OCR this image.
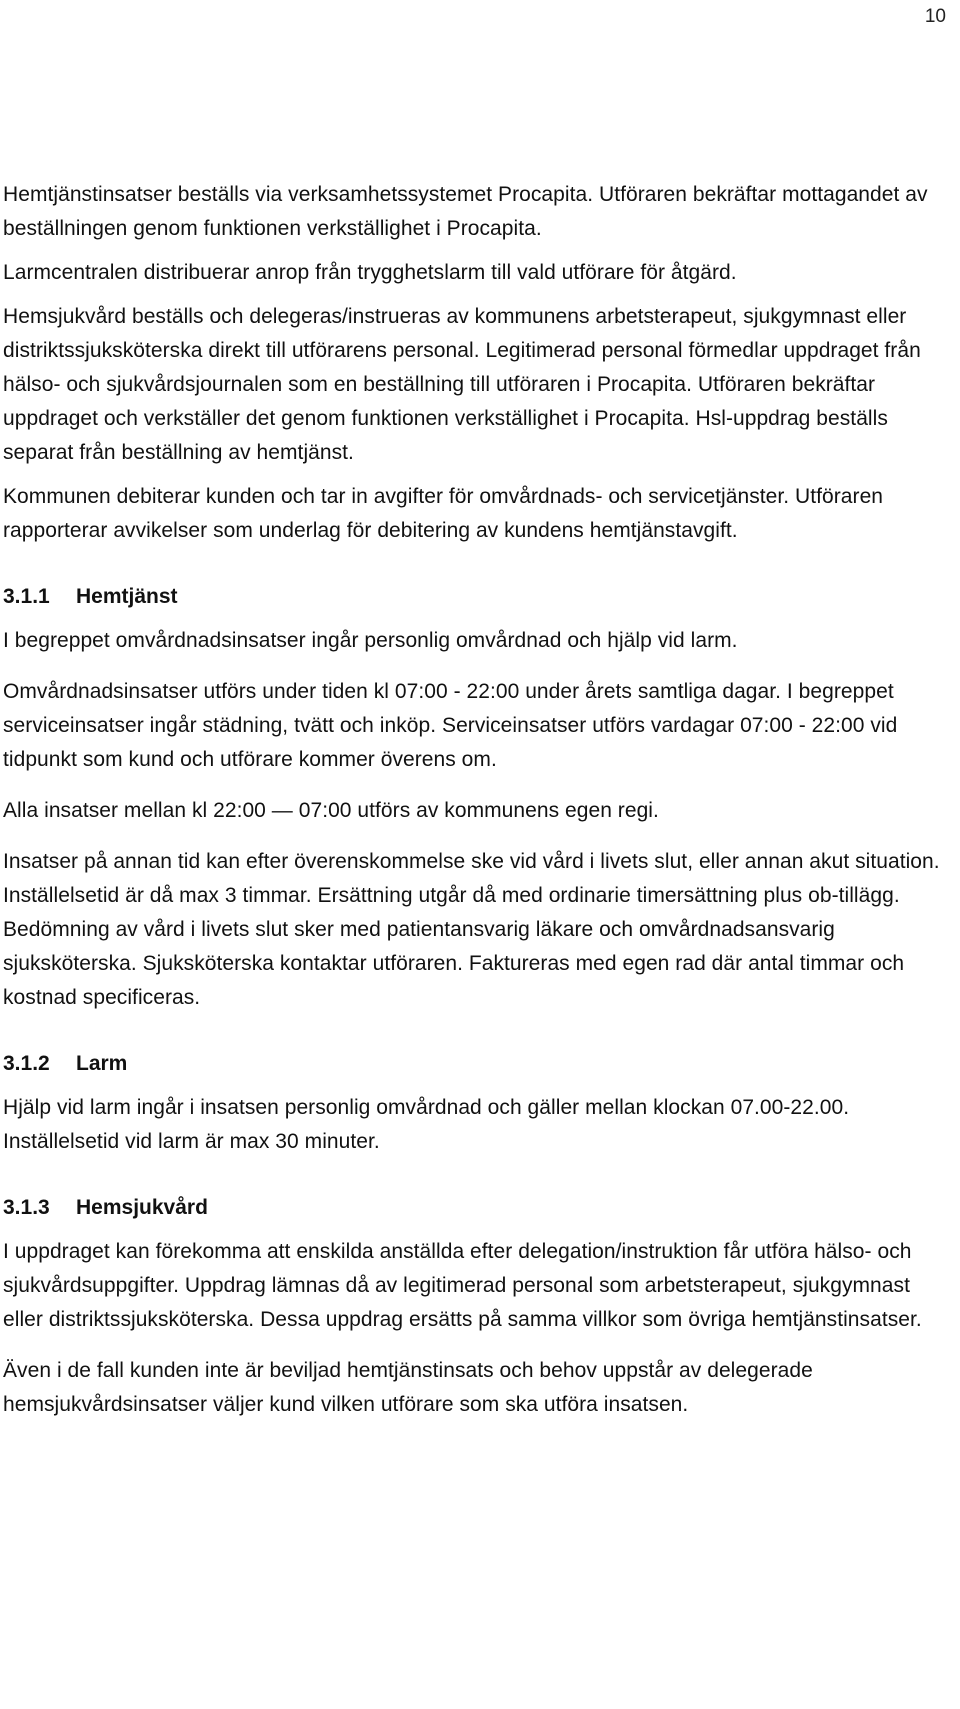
10

Hemtjänstinsatser beställs via verksamhetssystemet Procapita. Utföraren bekräftar mottagandet av beställningen genom funktionen verkställighet i Procapita.

Larmcentralen distribuerar anrop från trygghetslarm till vald utförare för åtgärd.

Hemsjukvård beställs och delegeras/instrueras av kommunens arbetsterapeut, sjukgymnast eller distriktssjuksköterska direkt till utförarens personal. Legitimerad personal förmedlar uppdraget från hälso- och sjukvårdsjournalen som en beställning till utföraren i Procapita. Utföraren bekräftar uppdraget och verkställer det genom funktionen verkställighet i Procapita. Hsl-uppdrag beställs separat från beställning av hemtjänst.

Kommunen debiterar kunden och tar in avgifter för omvårdnads- och servicetjänster. Utföraren rapporterar avvikelser som underlag för debitering av kundens hemtjänstavgift.

3.1.1 Hemtjänst

I begreppet omvårdnadsinsatser ingår personlig omvårdnad och hjälp vid larm.

Omvårdnadsinsatser utförs under tiden kl 07:00 - 22:00 under årets samtliga dagar. I begreppet serviceinsatser ingår städning, tvätt och inköp. Serviceinsatser utförs vardagar 07:00 - 22:00 vid tidpunkt som kund och utförare kommer överens om.

Alla insatser mellan kl 22:00 — 07:00 utförs av kommunens egen regi.

Insatser på annan tid kan efter överenskommelse ske vid vård i livets slut, eller annan akut situation. Inställelsetid är då max 3 timmar. Ersättning utgår då med ordinarie timersättning plus ob-tillägg. Bedömning av vård i livets slut sker med patientansvarig läkare och omvårdnadsansvarig sjuksköterska. Sjuksköterska kontaktar utföraren. Faktureras med egen rad där antal timmar och kostnad specificeras.

3.1.2 Larm

Hjälp vid larm ingår i insatsen personlig omvårdnad och gäller mellan klockan 07.00-22.00. Inställelsetid vid larm är max 30 minuter.

3.1.3 Hemsjukvård

I uppdraget kan förekomma att enskilda anställda efter delegation/instruktion får utföra hälso- och sjukvårdsuppgifter. Uppdrag lämnas då av legitimerad personal som arbetsterapeut, sjukgymnast eller distriktssjuksköterska. Dessa uppdrag ersätts på samma villkor som övriga hemtjänstinsatser.

Även i de fall kunden inte är beviljad hemtjänstinsats och behov uppstår av delegerade hemsjukvårdsinsatser väljer kund vilken utförare som ska utföra insatsen.
